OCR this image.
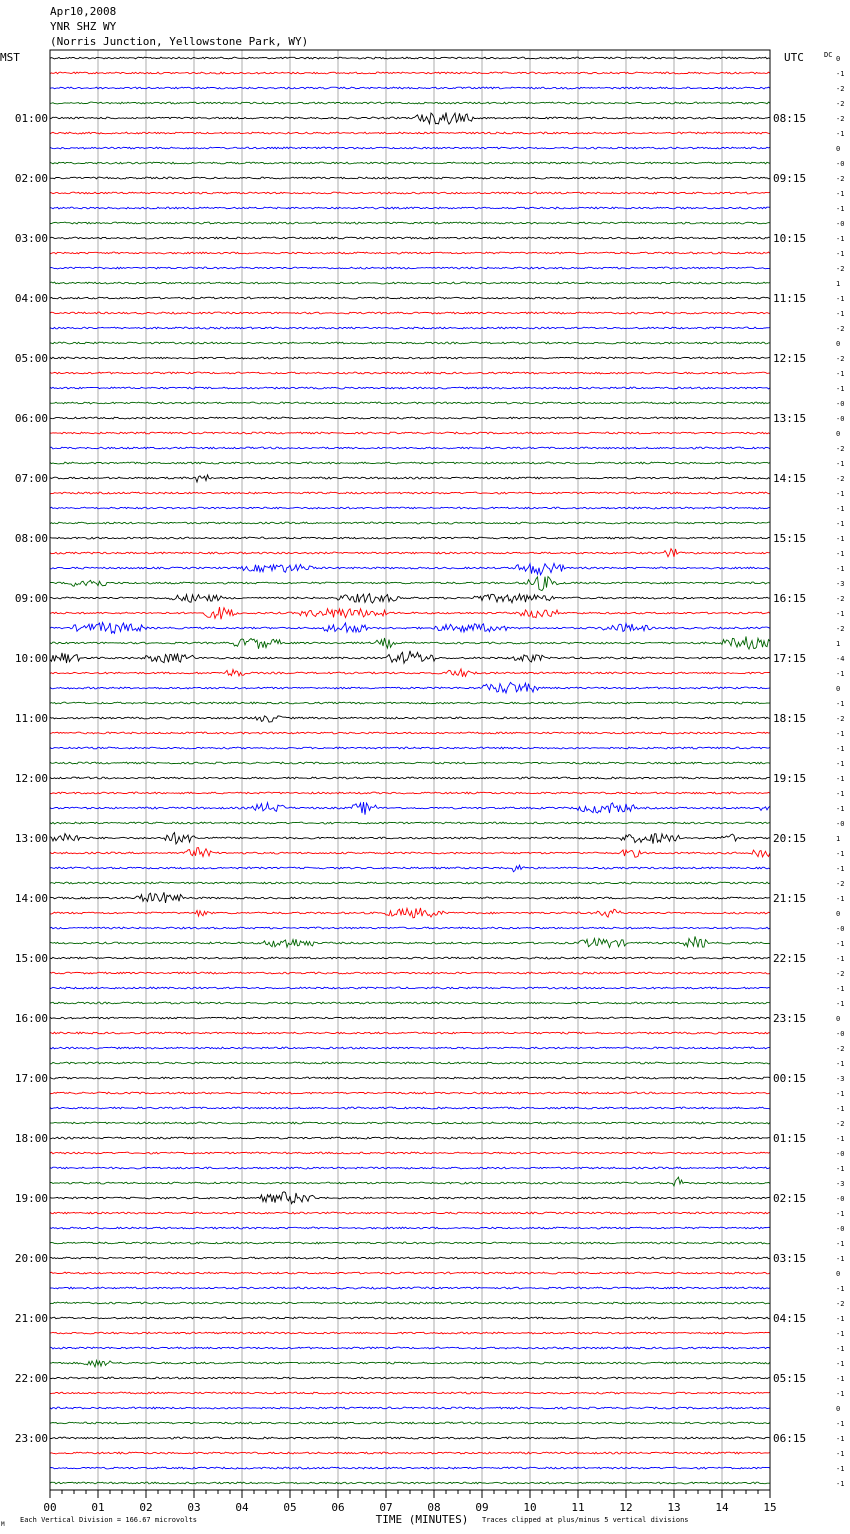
Apr10,2008
YNR SHZ WY
(Norris Junction, Yellowstone Park, WY)
0
-1
-2
-2
-2
-1
0
-0
-2
-1
-1
-0
-1
-1
-2
1
-1
-1
-2
0
-2
-1
-1
-0
-0
0
-2
-1
-2
-1
-1
-1
-1
-1
-1
-3
-2
-1
-2
1
-4
-1
0
-1
-2
-1
-1
-1
-1
-1
-1
-0
1
-1
-1
-2
-1
0
-0
-1
-1
-2
-1
-1
0
-0
-2
-1
-3
-1
-1
-2
-1
-0
-1
-3
-0
-1
-0
-1
-1
0
-1
-2
-1
-1
-1
-1
-1
-1
0
-1
-1
-1
-1
-1
01:00
02:00
03:00
04:00
05:00
06:00
07:00
08:00
09:00
10:00
11:00
12:00
13:00
14:00
15:00
16:00
17:00
18:00
19:00
20:00
21:00
22:00
23:00
08:15
09:15
10:15
11:15
12:15
13:15
14:15
15:15
16:15
17:15
18:15
19:15
20:15
21:15
22:15
23:15
00:15
01:15
02:15
03:15
04:15
05:15
06:15
00	01	02	03	04	05	06	07	08	09	10	11	12	13	14	15
MST	UTC	DC
TIME (MINUTES)
Each Vertical Division = 166.67 microvolts	Traces clipped at plus/minus 5 vertical divisions
M
